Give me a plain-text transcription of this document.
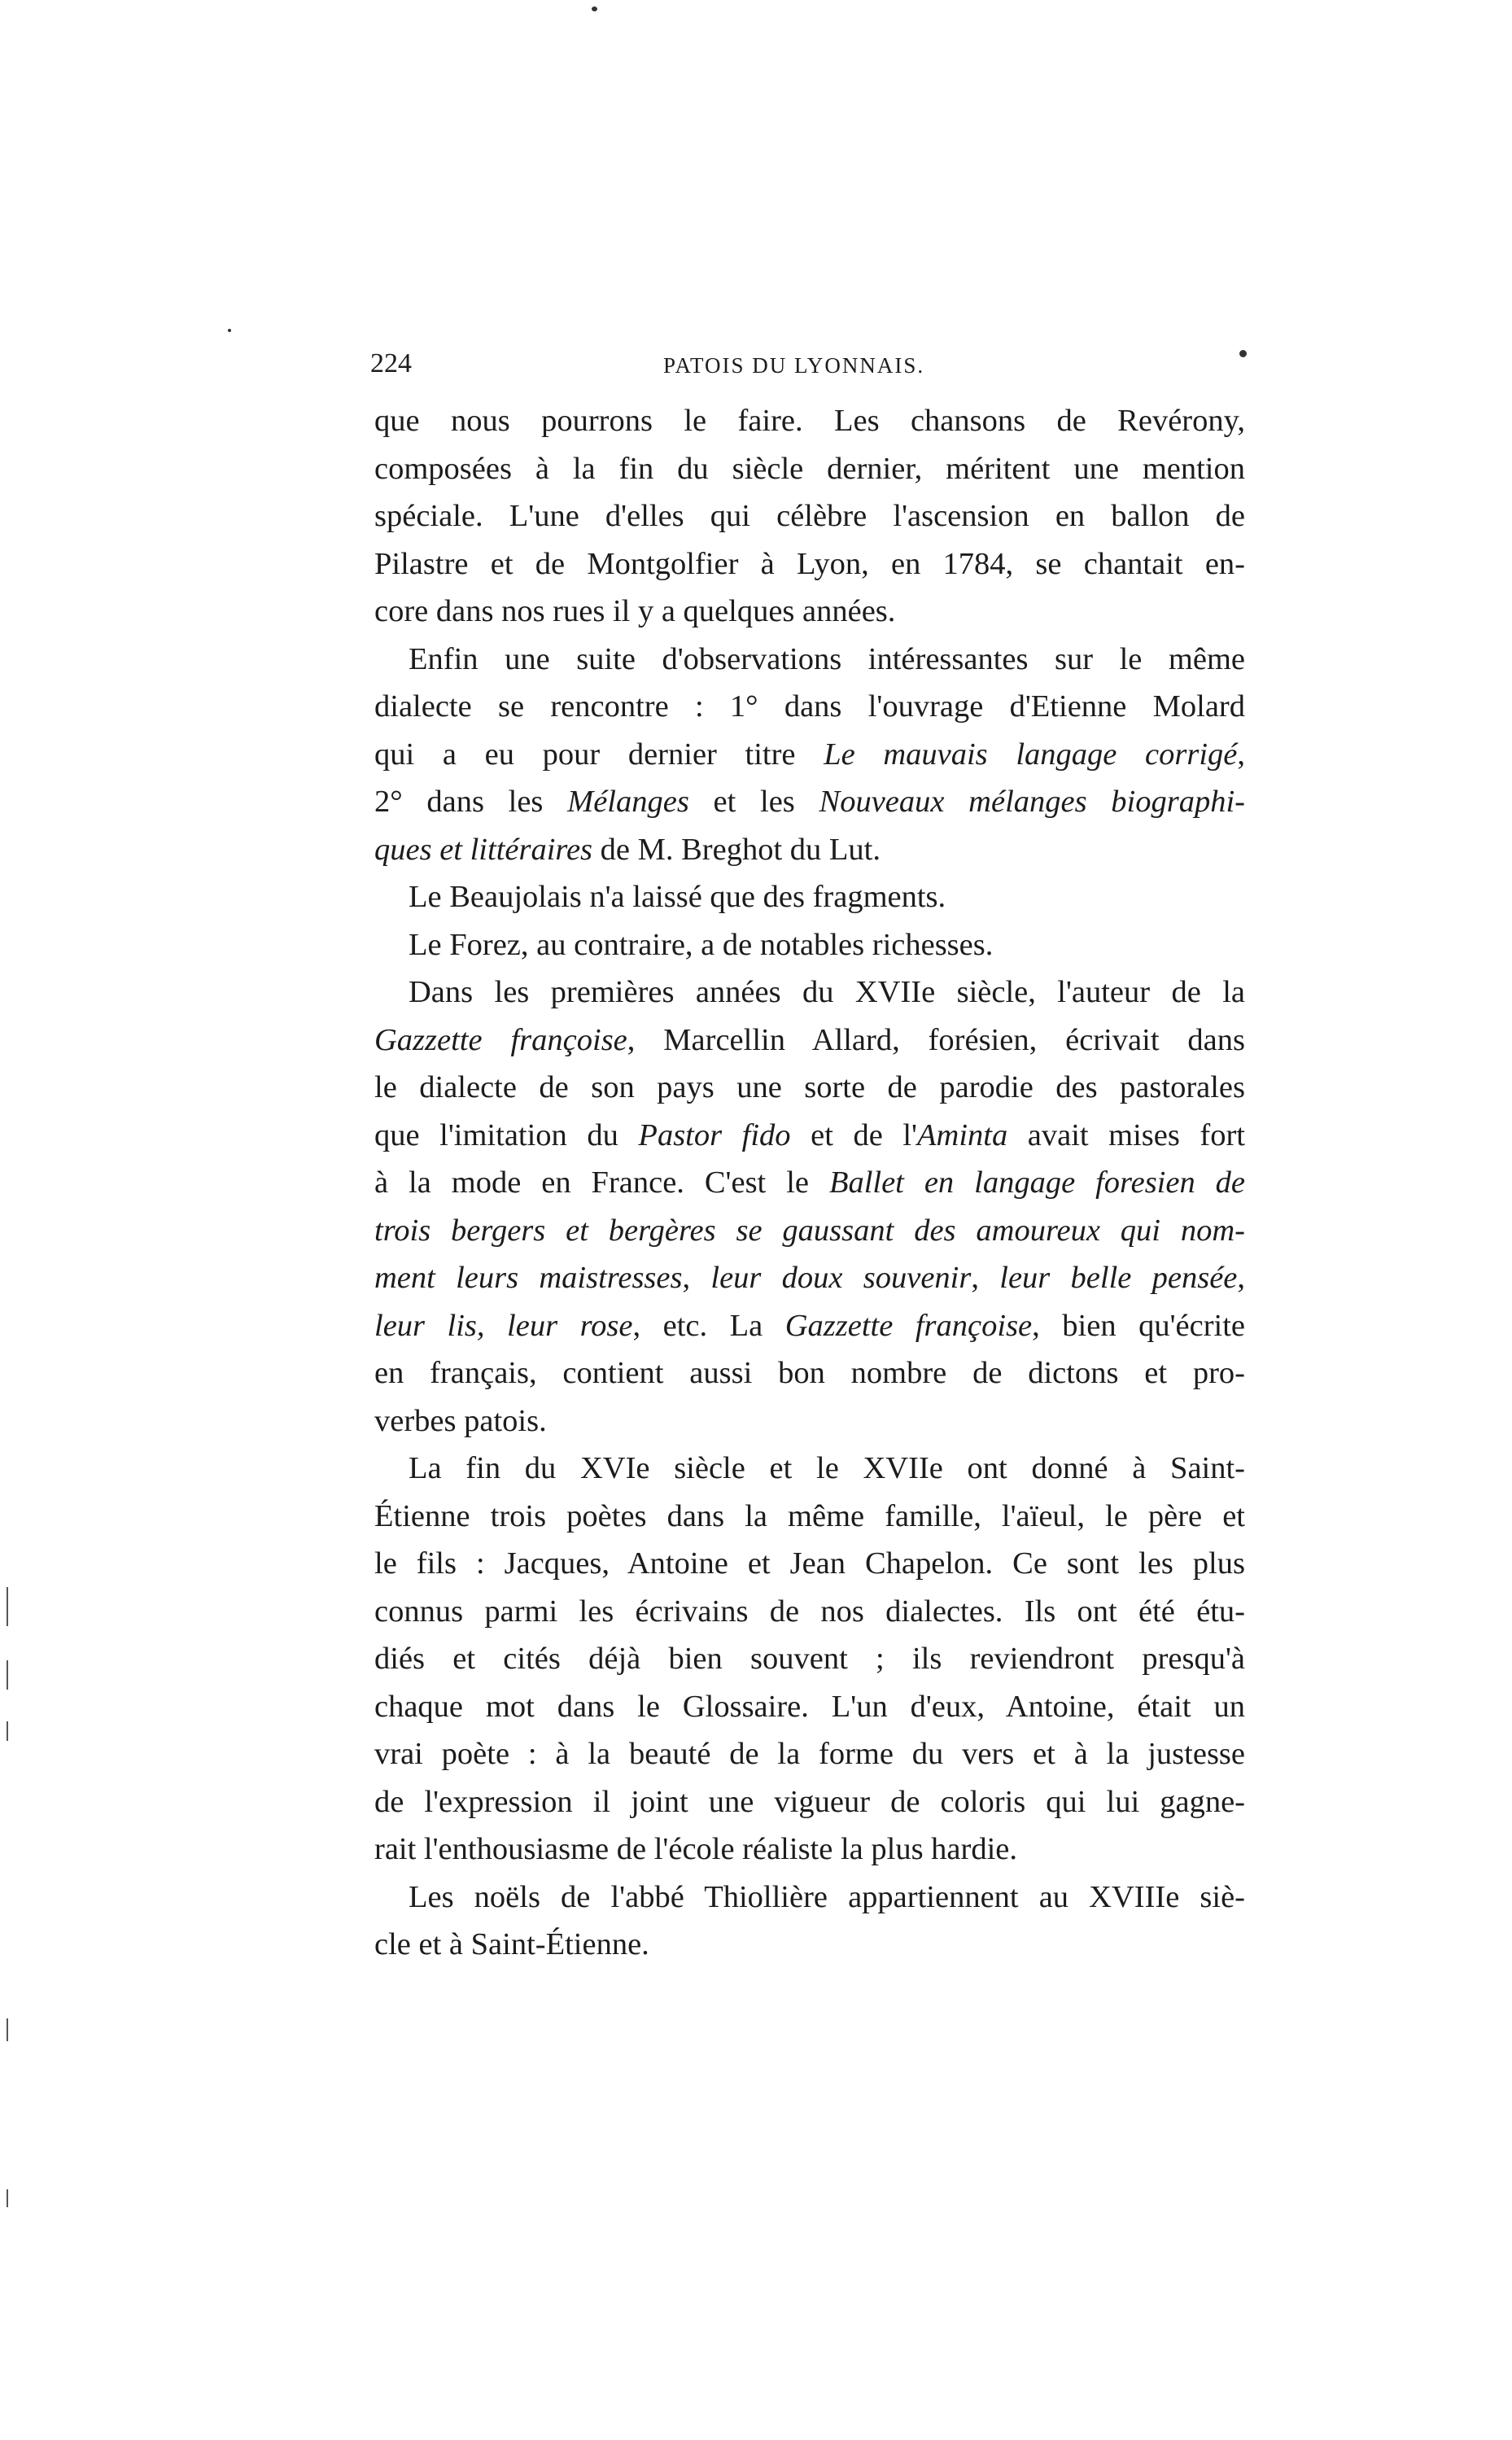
224	PATOIS DU LYONNAIS.
que nous pourrons le faire. Les chansons de Revérony,
composées à la fin du siècle dernier, méritent une mention
spéciale. L'une d'elles qui célèbre l'ascension en ballon de
Pilastre et de Montgolfier à Lyon, en 1784, se chantait en-
core dans nos rues il y a quelques années.
Enfin une suite d'observations intéressantes sur le même
dialecte se rencontre : 1° dans l'ouvrage d'Etienne Molard
qui a eu pour dernier titre Le mauvais langage corrigé,
2° dans les Mélanges et les Nouveaux mélanges biographi-
ques et littéraires de M. Breghot du Lut.
Le Beaujolais n'a laissé que des fragments.
Le Forez, au contraire, a de notables richesses.
Dans les premières années du XVIIe siècle, l'auteur de la
Gazzette françoise, Marcellin Allard, forésien, écrivait dans
le dialecte de son pays une sorte de parodie des pastorales
que l'imitation du Pastor fido et de l'Aminta avait mises fort
à la mode en France. C'est le Ballet en langage foresien de
trois bergers et bergères se gaussant des amoureux qui nom-
ment leurs maistresses, leur doux souvenir, leur belle pensée,
leur lis, leur rose, etc. La Gazzette françoise, bien qu'écrite
en français, contient aussi bon nombre de dictons et pro-
verbes patois.
La fin du XVIe siècle et le XVIIe ont donné à Saint-
Étienne trois poètes dans la même famille, l'aïeul, le père et
le fils : Jacques, Antoine et Jean Chapelon. Ce sont les plus
connus parmi les écrivains de nos dialectes. Ils ont été étu-
diés et cités déjà bien souvent ; ils reviendront presqu'à
chaque mot dans le Glossaire. L'un d'eux, Antoine, était un
vrai poète : à la beauté de la forme du vers et à la justesse
de l'expression il joint une vigueur de coloris qui lui gagne-
rait l'enthousiasme de l'école réaliste la plus hardie.
Les noëls de l'abbé Thiollière appartiennent au XVIIIe siè-
cle et à Saint-Étienne.
